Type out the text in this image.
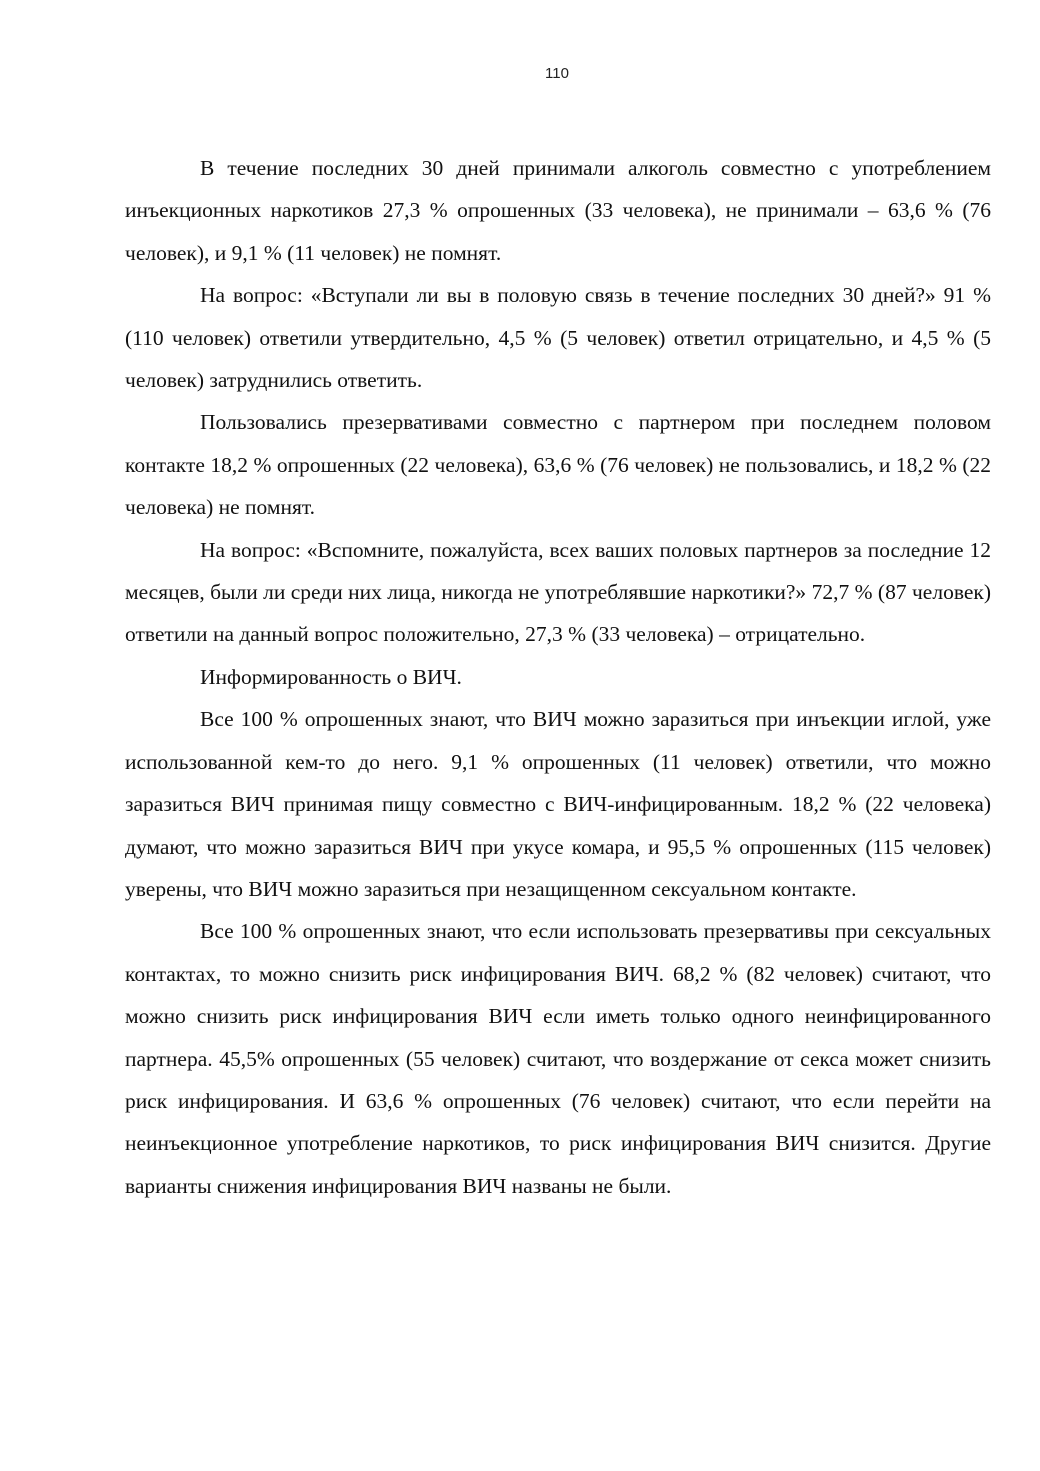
110

В течение последних 30 дней принимали алкоголь совместно с употреблением инъекционных наркотиков 27,3 % опрошенных (33 человека), не принимали – 63,6 % (76 человек), и 9,1 % (11 человек) не помнят.

На вопрос: «Вступали ли вы в половую связь в течение последних 30 дней?» 91 % (110 человек) ответили утвердительно, 4,5 % (5 человек) ответил отрицательно, и 4,5 % (5 человек) затруднились ответить.

Пользовались презервативами совместно с партнером при последнем половом контакте 18,2 % опрошенных (22 человека), 63,6 % (76 человек) не пользовались, и 18,2 % (22 человека) не помнят.

На вопрос: «Вспомните, пожалуйста, всех ваших половых партнеров за последние 12 месяцев, были ли среди них лица, никогда не употреблявшие наркотики?» 72,7 % (87 человек) ответили на данный вопрос положительно, 27,3 % (33 человека) – отрицательно.

Информированность о ВИЧ.

Все 100 % опрошенных знают, что ВИЧ можно заразиться при инъекции иглой, уже использованной кем-то до него. 9,1 % опрошенных (11 человек) ответили, что можно заразиться ВИЧ принимая пищу совместно с ВИЧ-инфицированным. 18,2 % (22 человека) думают, что можно заразиться ВИЧ при укусе комара, и 95,5 % опрошенных (115 человек) уверены, что ВИЧ можно заразиться при незащищенном сексуальном контакте.

Все 100 % опрошенных знают, что если использовать презервативы при сексуальных контактах, то можно снизить риск инфицирования ВИЧ. 68,2 % (82 человек) считают, что можно снизить риск инфицирования ВИЧ если иметь только одного неинфицированного партнера. 45,5% опрошенных (55 человек) считают, что воздержание от секса может снизить риск инфицирования. И 63,6 % опрошенных (76 человек) считают, что если перейти на неинъекционное употребление наркотиков, то риск инфицирования ВИЧ снизится. Другие варианты снижения инфицирования ВИЧ названы не были.
